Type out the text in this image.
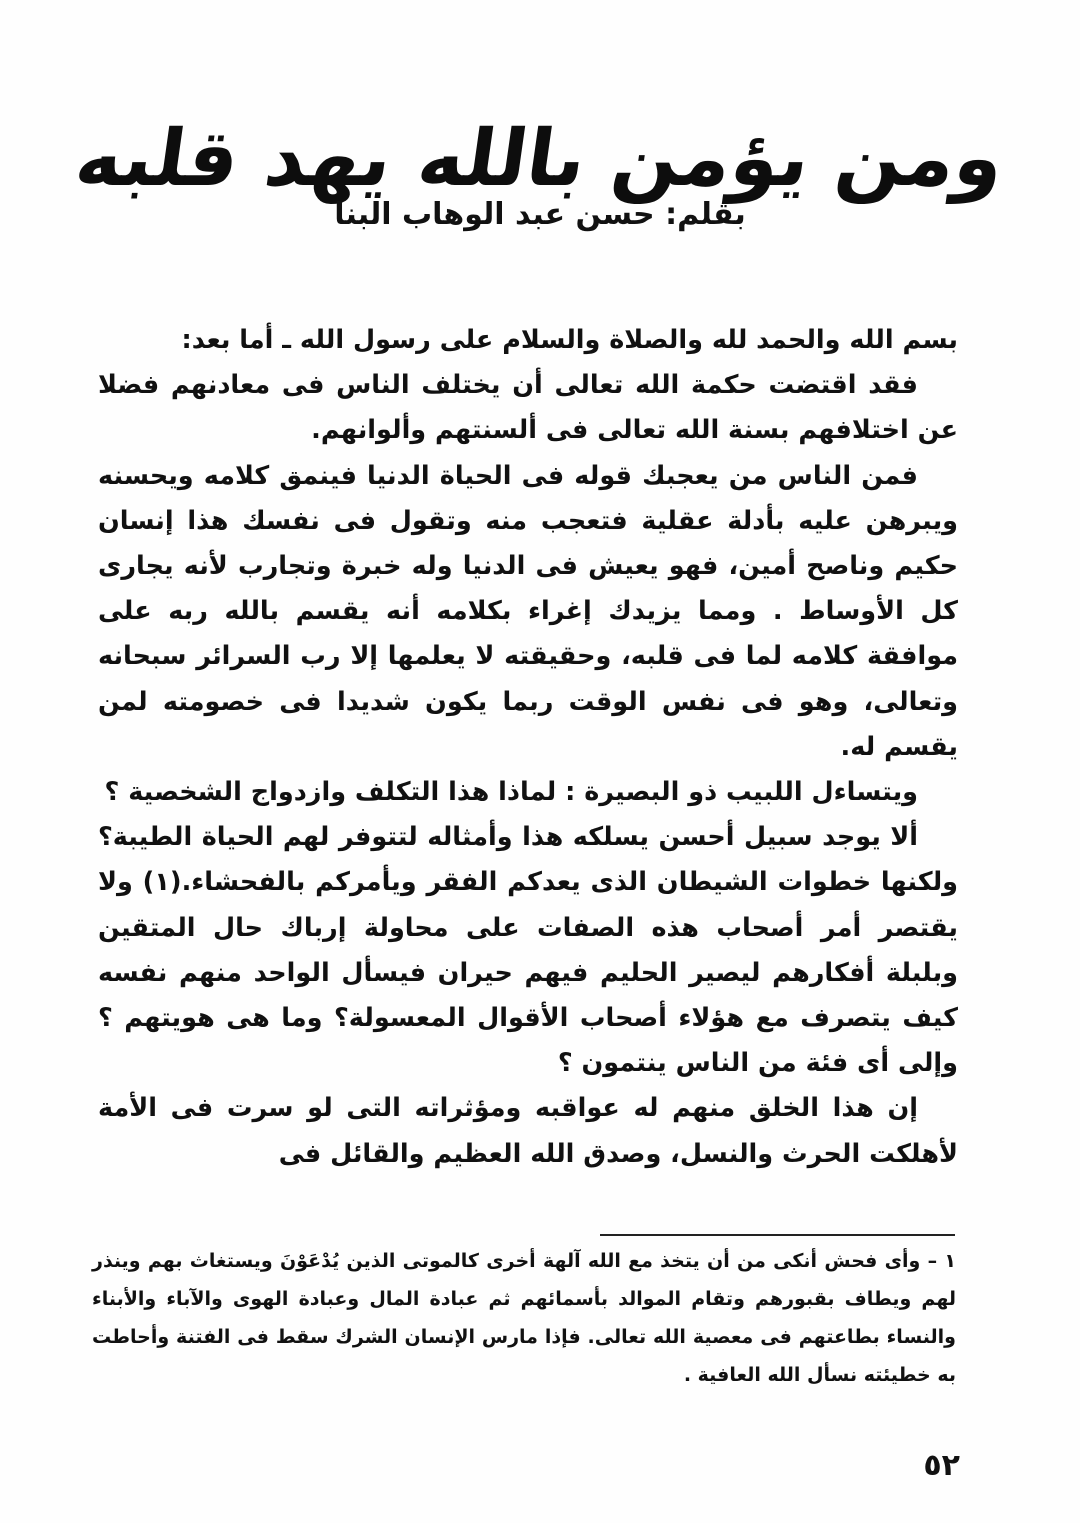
ومن يؤمن بالله يهد قلبه
بقلم: حسن عبد الوهاب البنا

بسم الله والحمد لله والصلاة والسلام على رسول الله ـ أما بعد:

فقد اقتضت حكمة الله تعالى أن يختلف الناس فى معادنهم فضلا عن اختلافهم بسنة الله تعالى فى ألسنتهم وألوانهم.

فمن الناس من يعجبك قوله فى الحياة الدنيا فينمق كلامه ويحسنه ويبرهن عليه بأدلة عقلية فتعجب منه وتقول فى نفسك هذا إنسان حكيم وناصح أمين، فهو يعيش فى الدنيا وله خبرة وتجارب لأنه يجارى كل الأوساط . ومما يزيدك إغراء بكلامه أنه يقسم بالله ربه على موافقة كلامه لما فى قلبه، وحقيقته لا يعلمها إلا رب السرائر سبحانه وتعالى، وهو فى نفس الوقت ربما يكون شديدا فى خصومته لمن يقسم له.

ويتساءل اللبيب ذو البصيرة : لماذا هذا التكلف وازدواج الشخصية ؟

ألا يوجد سبيل أحسن يسلكه هذا وأمثاله لتتوفر لهم الحياة الطيبة؟ ولكنها خطوات الشيطان الذى يعدكم الفقر ويأمركم بالفحشاء.(١) ولا يقتصر أمر أصحاب هذه الصفات على محاولة إرباك حال المتقين وبلبلة أفكارهم ليصير الحليم فيهم حيران فيسأل الواحد منهم نفسه كيف يتصرف مع هؤلاء أصحاب الأقوال المعسولة؟ وما هى هويتهم ؟ وإلى أى فئة من الناس ينتمون ؟

إن هذا الخلق منهم له عواقبه ومؤثراته التى لو سرت فى الأمة لأهلكت الحرث والنسل، وصدق الله العظيم والقائل فى

١ – وأى فحش أنكى من أن يتخذ مع الله آلهة أخرى كالموتى الذين يُدْعَوْنَ ويستغاث بهم وينذر لهم ويطاف بقبورهم وتقام الموالد بأسمائهم ثم عبادة المال وعبادة الهوى والآباء والأبناء والنساء بطاعتهم فى معصية الله تعالى. فإذا مارس الإنسان الشرك سقط فى الفتنة وأحاطت به خطيئته نسأل الله العافية .

٥٢
